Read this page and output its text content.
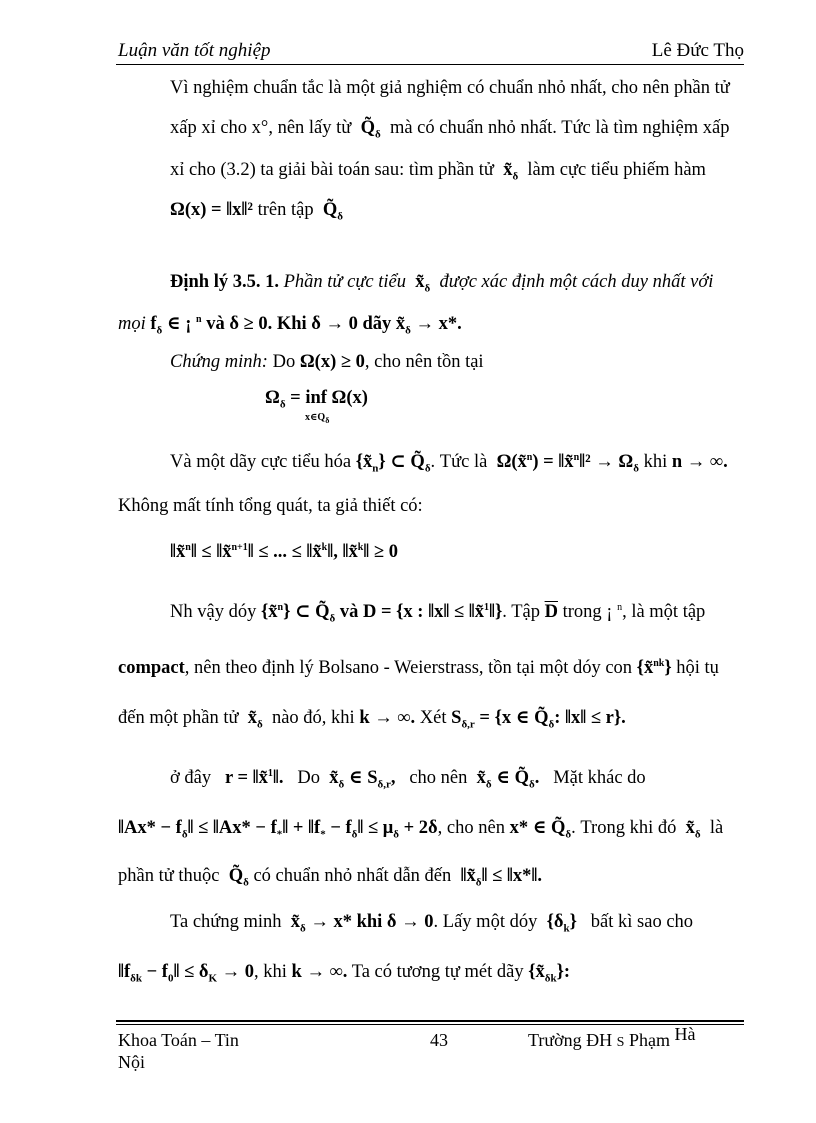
Luận văn tốt nghiệp	Lê Đức Thọ
Vì nghiệm chuẩn tắc là một giả nghiệm có chuẩn nhỏ nhất, cho nên phần tử
xấp xỉ cho x°, nên lấy từ  $Q̃_\delta$ mà có chuẩn nhỏ nhất. Tức là tìm nghiệm xấp
xỉ cho (3.2) ta giải bài toán sau: tìm phần tử  $x̃_\delta$ làm cực tiểu phiếm hàm
Ω(x) = ‖x‖² trên tập  $Q̃_\delta$
Định lý 3.5. 1. Phần tử cực tiểu  $x̃_\delta$ được xác định một cách duy nhất với
mọi $f_\delta$ ∈ ¡ $^n$ và δ ≥ 0. Khi δ → 0 dãy $x̃_\delta \to x*$.
Chứng minh: Do Ω(x) ≥ 0, cho nên tồn tại
$\Omega_\delta$ = inf Ω(x)
$x\in Q_\delta$
Và một dãy cực tiểu hóa $\{x̃_n\}$ ⊂ $Q̃_\delta$. Tức là  Ω(x̃$^n$) = ‖x̃$^n$‖² → $\Omega_\delta$ khi n → ∞.
Không mất tính tổng quát, ta giả thiết có:
‖x̃$^n$‖ ≤ ‖x̃$^{n+1}$‖ ≤ ... ≤ ‖x̃$^k$‖, ‖x̃$^k$‖ ≥ 0
Nh vậy dóy {x̃$^n$} ⊂ $Q̃_\delta$ và D = {x : ‖x‖ ≤ ‖x̃$^1$‖}. Tập $\overline{D}$ trong ¡ $^n$, là một tập
compact, nên theo định lý Bolsano - Weierstrass, tồn tại một dóy con {x̃$^{nk}$} hội tụ
đến một phần tử  $x̃_\delta$ nào đó, khi k → ∞. Xét $S_{\delta,r} = \{x$ ∈ $Q̃_\delta$: ‖x‖ ≤ r}.
ở đây r = ‖x̃$^1$‖. Do $x̃_\delta$ ∈ $S_{\delta,r}$, cho nên $x̃_\delta$ ∈ $Q̃_\delta$. Mặt khác do
‖Ax* − $f_\delta‖$ ≤ ‖Ax* − $f_*‖$ + $‖f_*$ − $f_\delta‖ \le \mu_\delta + 2\delta$, cho nên x* ∈ $Q̃_\delta$. Trong khi đó  $x̃_\delta$ là
phần tử thuộc  $Q̃_\delta$ có chuẩn nhỏ nhất dẫn đến  $‖x̃_\delta‖$ ≤ ‖x*‖.
Ta chứng minh  $x̃_\delta \to x*$ khi δ → 0. Lấy một dóy $\{\delta_k\}$ bất kì sao cho
$‖f_{\delta k}$ − $f_0‖ \le \delta_K \to 0$, khi k → ∞. Ta có tương tự mét dãy $\{x̃_{\delta k}\}$:
Khoa Toán – Tin
Nội
43	Trường ĐH S Phạm Hà
